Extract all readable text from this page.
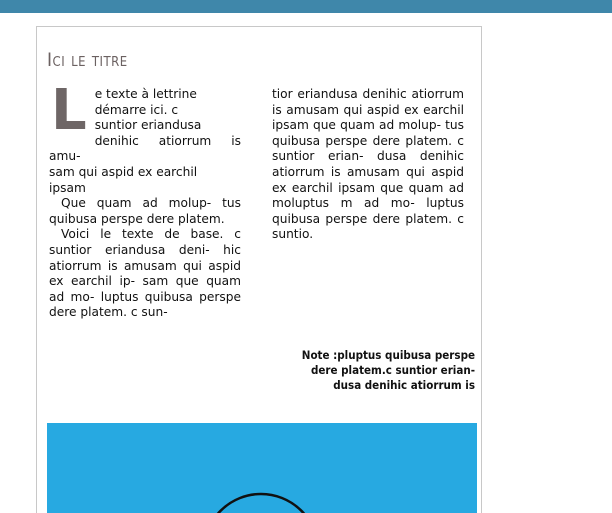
Ici le titre
L e texte à lettrine
démarre ici. c
suntior eriandusa
denihic atiorrum is amu-
sam qui aspid ex earchil
ipsam

Que quam ad molup- tus quibusa perspe dere platem.

Voici le texte de base. c suntior eriandusa deni- hic atiorrum is amusam qui aspid ex earchil ip- sam que quam ad mo- luptus quibusa perspe dere platem. c sun-

tior eriandusa denihic atiorrum is amusam qui aspid ex earchil ipsam que quam ad molup- tus quibusa perspe dere platem. c suntior erian- dusa denihic atiorrum is amusam qui aspid ex earchil ipsam que quam ad moluptus m ad mo- luptus quibusa perspe dere platem. c suntio.

Note :pluptus quibusa perspe
dere platem.c suntior erian-
dusa denihic atiorrum is
